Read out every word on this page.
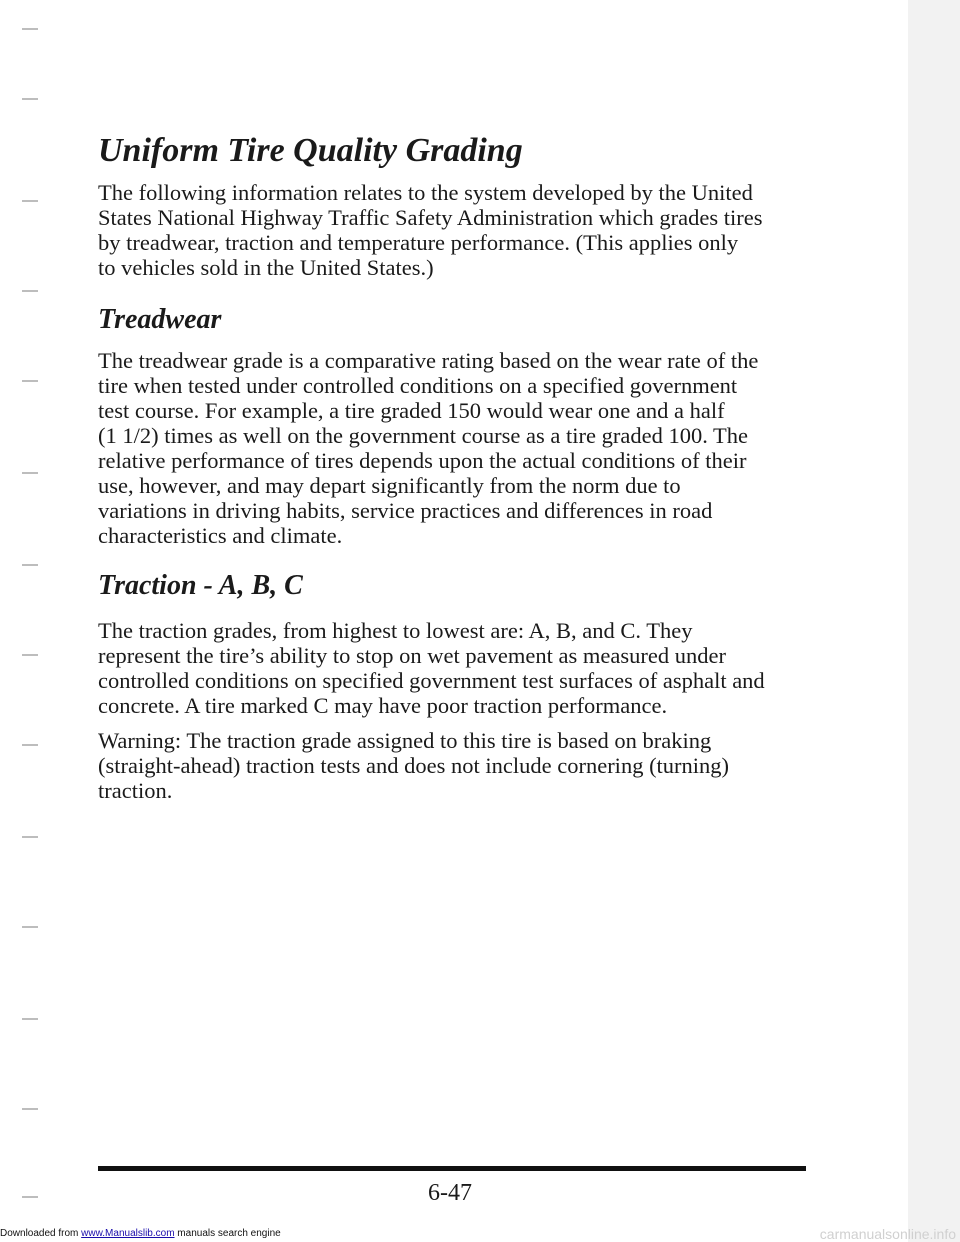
Uniform Tire Quality Grading

The following information relates to the system developed by the United
States National Highway Traffic Safety Administration which grades tires
by treadwear, traction and temperature performance. (This applies only
to vehicles sold in the United States.)

Treadwear

The treadwear grade is a comparative rating based on the wear rate of the
tire when tested under controlled conditions on a specified government
test course. For example, a tire graded 150 would wear one and a half
(1 1/2) times as well on the government course as a tire graded 100. The
relative performance of tires depends upon the actual conditions of their
use, however, and may depart significantly from the norm due to
variations in driving habits, service practices and differences in road
characteristics and climate.

Traction - A, B, C

The traction grades, from highest to lowest are: A, B, and C. They
represent the tire’s ability to stop on wet pavement as measured under
controlled conditions on specified government test surfaces of asphalt and
concrete. A tire marked C may have poor traction performance.

Warning: The traction grade assigned to this tire is based on braking
(straight-ahead) traction tests and does not include cornering (turning)
traction.

6-47
Downloaded from www.Manualslib.com manuals search engine	carmanualsonline.info
